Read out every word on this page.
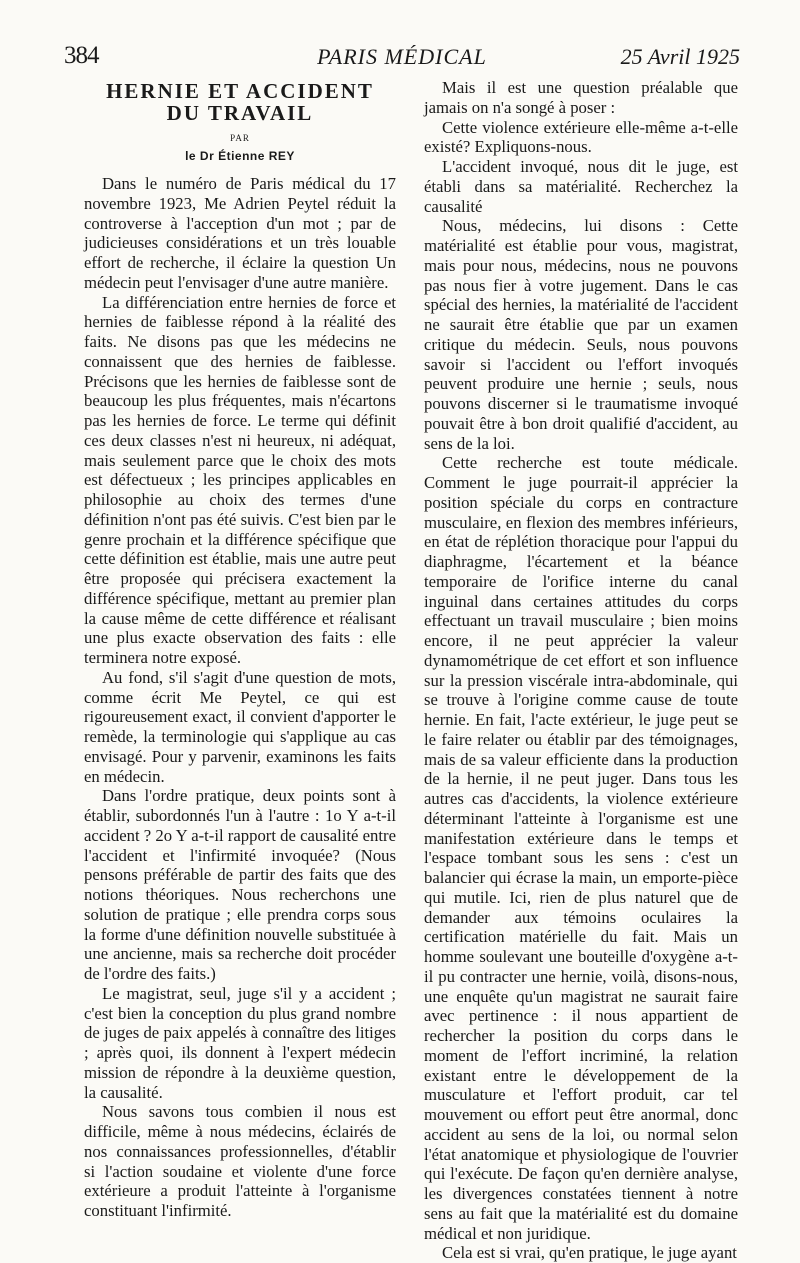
384	PARIS MÉDICAL	25 Avril 1925
HERNIE ET ACCIDENT
DU TRAVAIL
PAR
le Dr Étienne REY

Dans le numéro de Paris médical du 17 novembre 1923, Me Adrien Peytel réduit la controverse à l'acception d'un mot ; par de judicieuses considérations et un très louable effort de recherche, il éclaire la question Un médecin peut l'envisager d'une autre manière.

La différenciation entre hernies de force et hernies de faiblesse répond à la réalité des faits. Ne disons pas que les médecins ne connaissent que des hernies de faiblesse. Précisons que les hernies de faiblesse sont de beaucoup les plus fréquentes, mais n'écartons pas les hernies de force. Le terme qui définit ces deux classes n'est ni heureux, ni adéquat, mais seulement parce que le choix des mots est défectueux ; les principes applicables en philosophie au choix des termes d'une définition n'ont pas été suivis. C'est bien par le genre prochain et la différence spécifique que cette définition est établie, mais une autre peut être proposée qui précisera exactement la différence spécifique, mettant au premier plan la cause même de cette différence et réalisant une plus exacte observation des faits : elle terminera notre exposé.

Au fond, s'il s'agit d'une question de mots, comme écrit Me Peytel, ce qui est rigoureusement exact, il convient d'apporter le remède, la terminologie qui s'applique au cas envisagé. Pour y parvenir, examinons les faits en médecin.

Dans l'ordre pratique, deux points sont à établir, subordonnés l'un à l'autre : 1o Y a-t-il accident ? 2o Y a-t-il rapport de causalité entre l'accident et l'infirmité invoquée? (Nous pensons préférable de partir des faits que des notions théoriques. Nous recherchons une solution de pratique ; elle prendra corps sous la forme d'une définition nouvelle substituée à une ancienne, mais sa recherche doit procéder de l'ordre des faits.)

Le magistrat, seul, juge s'il y a accident ; c'est bien la conception du plus grand nombre de juges de paix appelés à connaître des litiges ; après quoi, ils donnent à l'expert médecin mission de répondre à la deuxième question, la causalité.

Nous savons tous combien il nous est difficile, même à nous médecins, éclairés de nos connaissances professionnelles, d'établir si l'action soudaine et violente d'une force extérieure a produit l'atteinte à l'organisme constituant l'infirmité.

Mais il est une question préalable que jamais on n'a songé à poser :

Cette violence extérieure elle-même a-t-elle existé? Expliquons-nous.

L'accident invoqué, nous dit le juge, est établi dans sa matérialité. Recherchez la causalité

Nous, médecins, lui disons : Cette matérialité est établie pour vous, magistrat, mais pour nous, médecins, nous ne pouvons pas nous fier à votre jugement. Dans le cas spécial des hernies, la matérialité de l'accident ne saurait être établie que par un examen critique du médecin. Seuls, nous pouvons savoir si l'accident ou l'effort invoqués peuvent produire une hernie ; seuls, nous pouvons discerner si le traumatisme invoqué pouvait être à bon droit qualifié d'accident, au sens de la loi.

Cette recherche est toute médicale. Comment le juge pourrait-il apprécier la position spéciale du corps en contracture musculaire, en flexion des membres inférieurs, en état de réplétion thoracique pour l'appui du diaphragme, l'écartement et la béance temporaire de l'orifice interne du canal inguinal dans certaines attitudes du corps effectuant un travail musculaire ; bien moins encore, il ne peut apprécier la valeur dynamométrique de cet effort et son influence sur la pression viscérale intra-abdominale, qui se trouve à l'origine comme cause de toute hernie. En fait, l'acte extérieur, le juge peut se le faire relater ou établir par des témoignages, mais de sa valeur efficiente dans la production de la hernie, il ne peut juger. Dans tous les autres cas d'accidents, la violence extérieure déterminant l'atteinte à l'organisme est une manifestation extérieure dans le temps et l'espace tombant sous les sens : c'est un balancier qui écrase la main, un emporte-pièce qui mutile. Ici, rien de plus naturel que de demander aux témoins oculaires la certification matérielle du fait. Mais un homme soulevant une bouteille d'oxygène a-t-il pu contracter une hernie, voilà, disons-nous, une enquête qu'un magistrat ne saurait faire avec pertinence : il nous appartient de rechercher la position du corps dans le moment de l'effort incriminé, la relation existant entre le développement de la musculature et l'effort produit, car tel mouvement ou effort peut être anormal, donc accident au sens de la loi, ou normal selon l'état anatomique et physiologique de l'ouvrier qui l'exécute. De façon qu'en dernière analyse, les divergences constatées tiennent à notre sens au fait que la matérialité est du domaine médical et non juridique.

Cela est si vrai, qu'en pratique, le juge ayant
